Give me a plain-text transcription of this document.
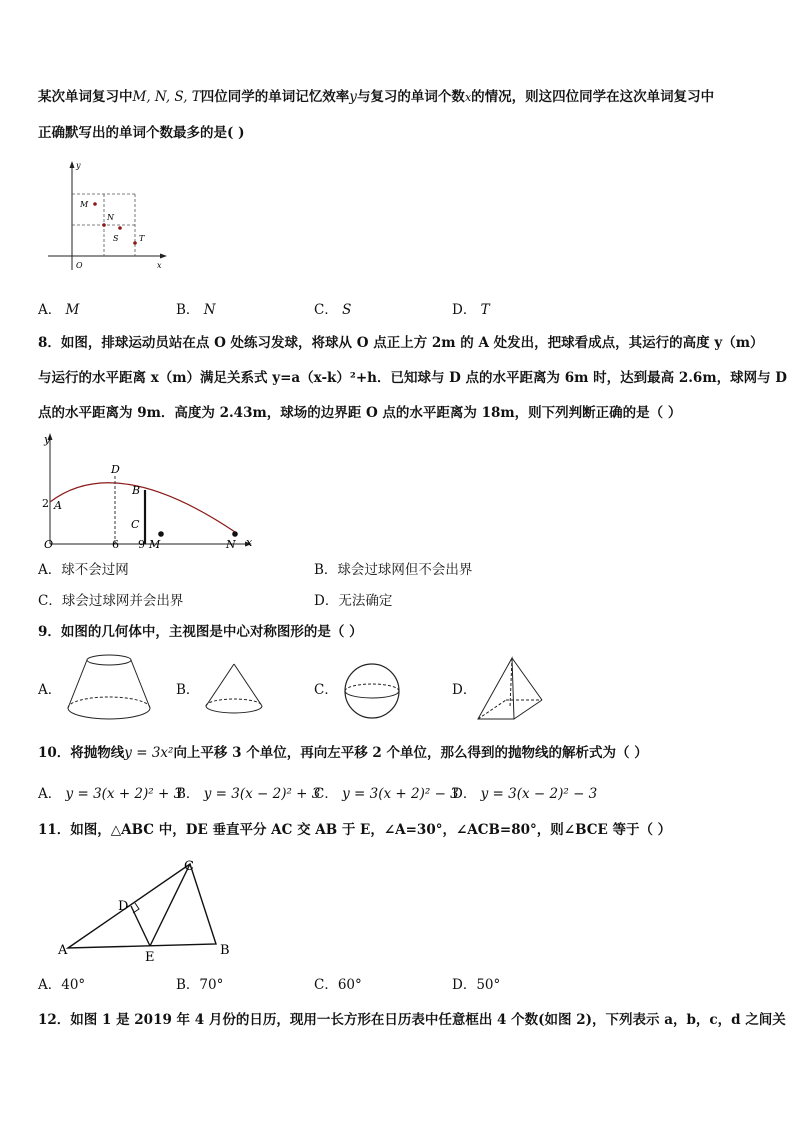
某次单词复习中M, N, S, T四位同学的单词记忆效率y与复习的单词个数x的情况，则这四位同学在这次单词复习中
正确默写出的单词个数最多的是( )
y
x
O
M
N
S	T
A． M	B． N	C． S	D． T
8．如图，排球运动员站在点 O 处练习发球，将球从 O 点正上方 2m 的 A 处发出，把球看成点，其运行的高度 y（m）
与运行的水平距离 x（m）满足关系式 y=a（x-k）²+h．已知球与 D 点的水平距离为 6m 时，达到最高 2.6m，球网与 D
点的水平距离为 9m．高度为 2.43m，球场的边界距 O 点的水平距离为 18m，则下列判断正确的是（ ）
y
x
O
2 A
D
B
C
6 9 M	N
A．球不会过网	B．球会过球网但不会出界
C．球会过球网并会出界	D．无法确定
9．如图的几何体中，主视图是中心对称图形的是（ ）
A．	B．	C．	D．
10．将抛物线y = 3x²向上平移 3 个单位，再向左平移 2 个单位，那么得到的抛物线的解析式为（ ）
A． y = 3(x + 2)² + 3
B． y = 3(x − 2)² + 3
C． y = 3(x + 2)² − 3
D． y = 3(x − 2)² − 3
11．如图，△ABC 中，DE 垂直平分 AC 交 AB 于 E，∠A=30°，∠ACB=80°，则∠BCE 等于（ ）
A	B
C
D
E
A．40°	B．70°	C．60°	D．50°
12．如图 1 是 2019 年 4 月份的日历，现用一长方形在日历表中任意框出 4 个数(如图 2)，下列表示 a，b，c，d 之间关
